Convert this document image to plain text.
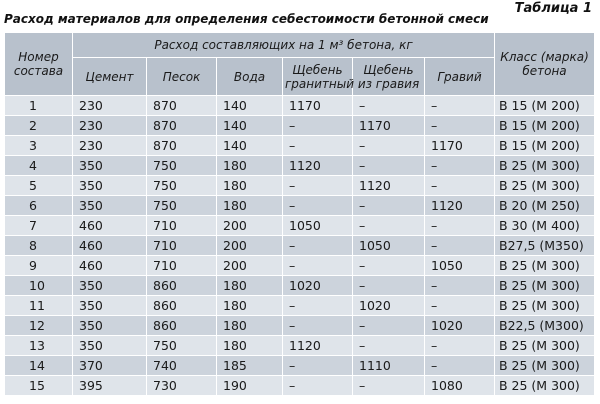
Таблица 1
Расход материалов для определения себестоимости бетонной смеси
Номер состава	Расход составляющих на 1 м³ бетона, кг						Класс (марка) бетона
	Цемент	Песок	Вода	Щебень гранитный	Щебень из гравия	Гравий	
1	230	870	140	1170	–	–	B 15 (M 200)
2	230	870	140	–	1170	–	B 15 (M 200)
3	230	870	140	–	–	1170	B 15 (M 200)
4	350	750	180	1120	–	–	B 25 (M 300)
5	350	750	180	–	1120	–	B 25 (M 300)
6	350	750	180	–	–	1120	B 20 (M 250)
7	460	710	200	1050	–	–	B 30 (M 400)
8	460	710	200	–	1050	–	B27,5 (M350)
9	460	710	200	–	–	1050	B 25 (M 300)
10	350	860	180	1020	–	–	B 25 (M 300)
11	350	860	180	–	1020	–	B 25 (M 300)
12	350	860	180	–	–	1020	B22,5 (M300)
13	350	750	180	1120	–	–	B 25 (M 300)
14	370	740	185	–	1110	–	B 25 (M 300)
15	395	730	190	–	–	1080	B 25 (M 300)
